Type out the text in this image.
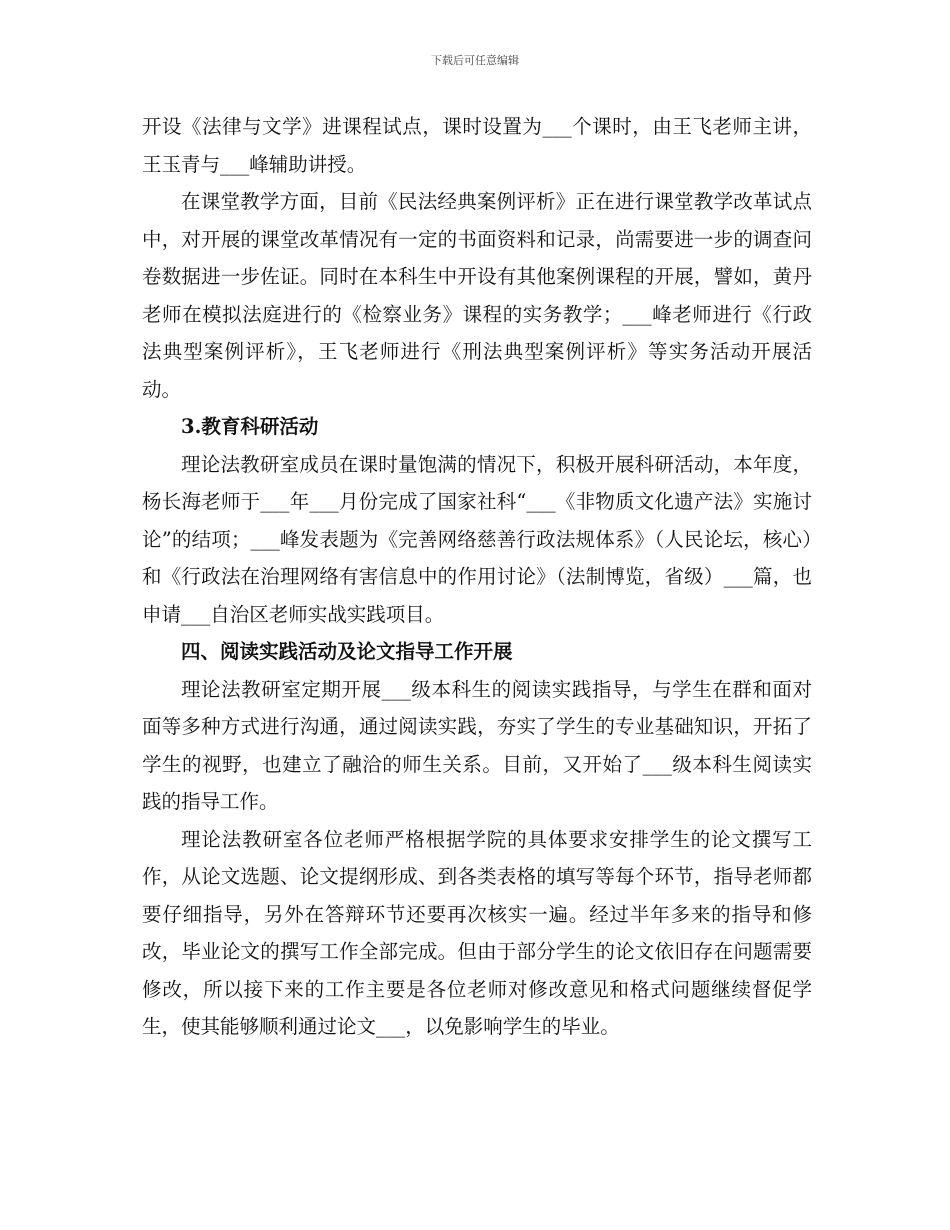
下载后可任意编辑

开设《法律与文学》进课程试点，课时设置为___个课时，由王飞老师主讲，王玉青与___峰辅助讲授。

在课堂教学方面，目前《民法经典案例评析》正在进行课堂教学改革试点中，对开展的课堂改革情况有一定的书面资料和记录，尚需要进一步的调查问卷数据进一步佐证。同时在本科生中开设有其他案例课程的开展，譬如，黄丹老师在模拟法庭进行的《检察业务》课程的实务教学；___峰老师进行《行政法典型案例评析》，王飞老师进行《刑法典型案例评析》等实务活动开展活动。

3.教育科研活动

理论法教研室成员在课时量饱满的情况下，积极开展科研活动，本年度，杨长海老师于___年___月份完成了国家社科“___《非物质文化遗产法》实施讨论”的结项；___峰发表题为《完善网络慈善行政法规体系》（人民论坛，核心）和《行政法在治理网络有害信息中的作用讨论》（法制博览，省级）___篇，也申请___自治区老师实战实践项目。

四、阅读实践活动及论文指导工作开展

理论法教研室定期开展___级本科生的阅读实践指导，与学生在群和面对面等多种方式进行沟通，通过阅读实践，夯实了学生的专业基础知识，开拓了学生的视野，也建立了融洽的师生关系。目前，又开始了___级本科生阅读实践的指导工作。

理论法教研室各位老师严格根据学院的具体要求安排学生的论文撰写工作，从论文选题、论文提纲形成、到各类表格的填写等每个环节，指导老师都要仔细指导，另外在答辩环节还要再次核实一遍。经过半年多来的指导和修改，毕业论文的撰写工作全部完成。但由于部分学生的论文依旧存在问题需要修改，所以接下来的工作主要是各位老师对修改意见和格式问题继续督促学生，使其能够顺利通过论文___，以免影响学生的毕业。
